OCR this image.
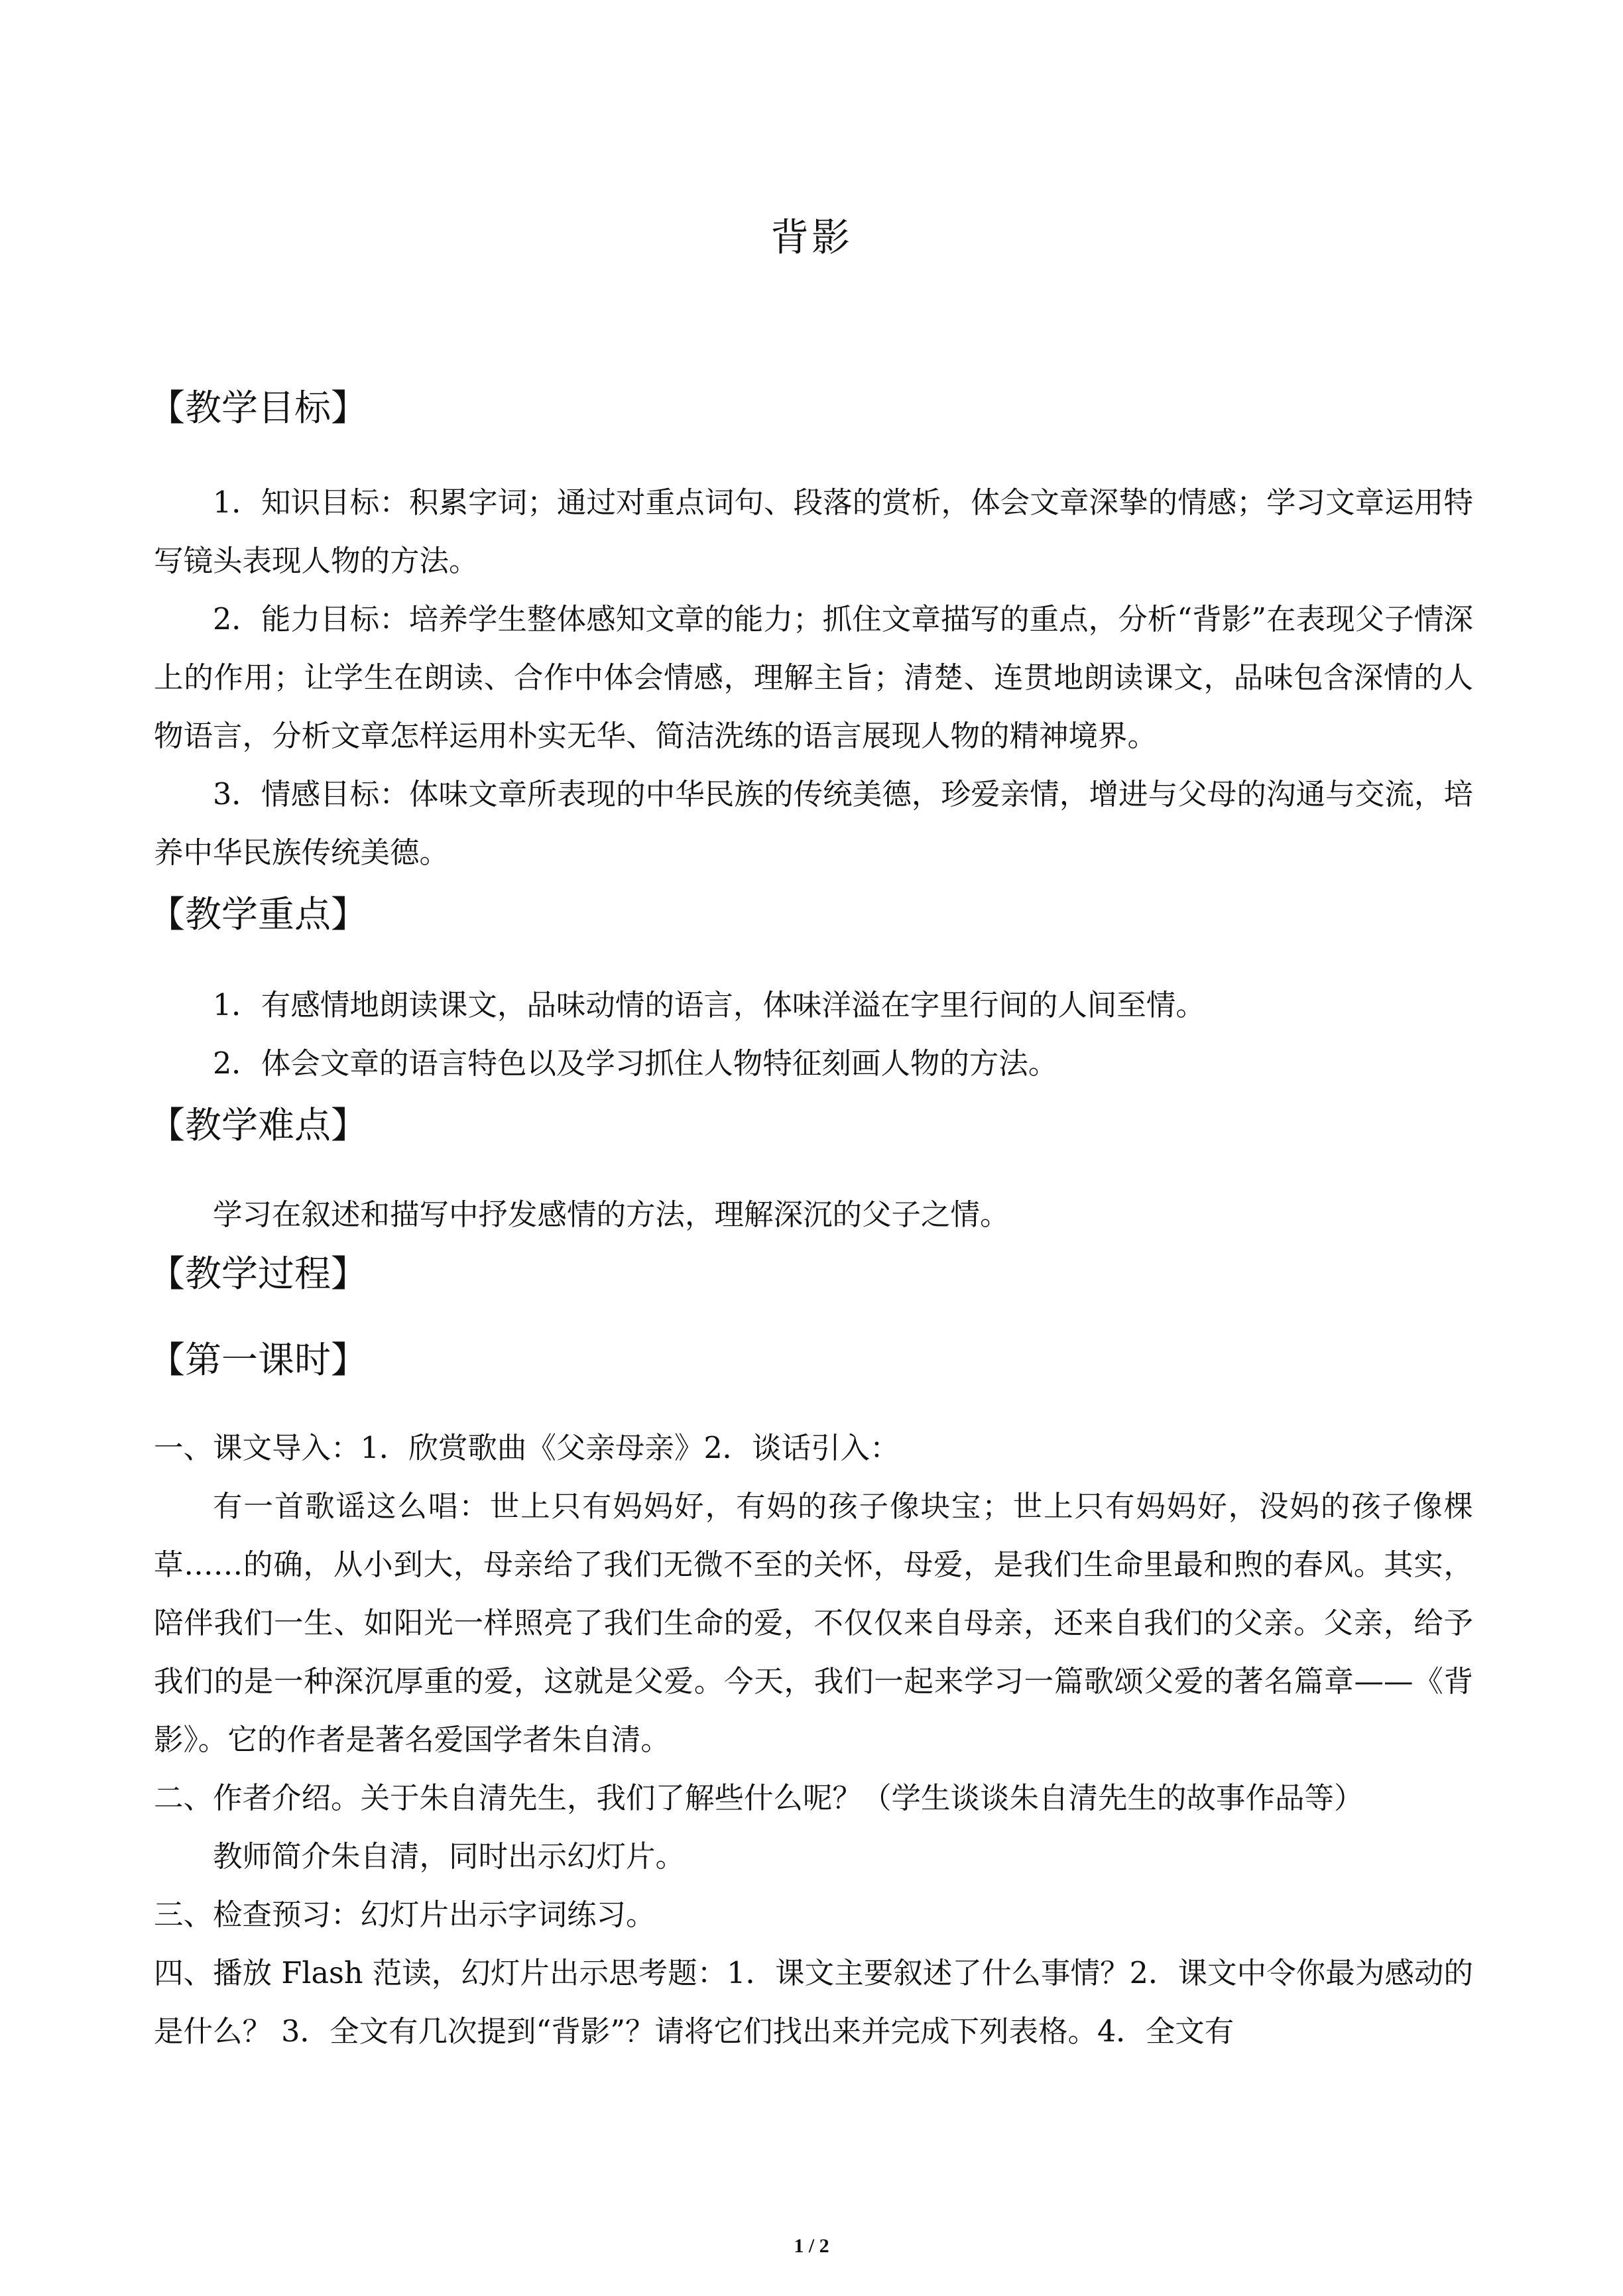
背影
【教学目标】

1．知识目标：积累字词；通过对重点词句、段落的赏析，体会文章深挚的情感；学习文章运用特写镜头表现人物的方法。

2．能力目标：培养学生整体感知文章的能力；抓住文章描写的重点，分析“背影”在表现父子情深上的作用；让学生在朗读、合作中体会情感，理解主旨；清楚、连贯地朗读课文，品味包含深情的人物语言，分析文章怎样运用朴实无华、简洁洗练的语言展现人物的精神境界。

3．情感目标：体味文章所表现的中华民族的传统美德，珍爱亲情，增进与父母的沟通与交流，培养中华民族传统美德。

【教学重点】

1．有感情地朗读课文，品味动情的语言，体味洋溢在字里行间的人间至情。

2．体会文章的语言特色以及学习抓住人物特征刻画人物的方法。

【教学难点】

学习在叙述和描写中抒发感情的方法，理解深沉的父子之情。

【教学过程】
【第一课时】

一、课文导入：1．欣赏歌曲《父亲母亲》2．谈话引入：

有一首歌谣这么唱：世上只有妈妈好，有妈的孩子像块宝；世上只有妈妈好，没妈的孩子像棵草……的确，从小到大，母亲给了我们无微不至的关怀，母爱，是我们生命里最和煦的春风。其实，陪伴我们一生、如阳光一样照亮了我们生命的爱，不仅仅来自母亲，还来自我们的父亲。父亲，给予我们的是一种深沉厚重的爱，这就是父爱。今天，我们一起来学习一篇歌颂父爱的著名篇章——《背影》。它的作者是著名爱国学者朱自清。

二、作者介绍。关于朱自清先生，我们了解些什么呢？（学生谈谈朱自清先生的故事作品等）

教师简介朱自清，同时出示幻灯片。

三、检查预习：幻灯片出示字词练习。

四、播放 Flash 范读，幻灯片出示思考题：1．课文主要叙述了什么事情？2．课文中令你最为感动的是什么？ 3．全文有几次提到“背影”？请将它们找出来并完成下列表格。4．全文有

1 / 2
